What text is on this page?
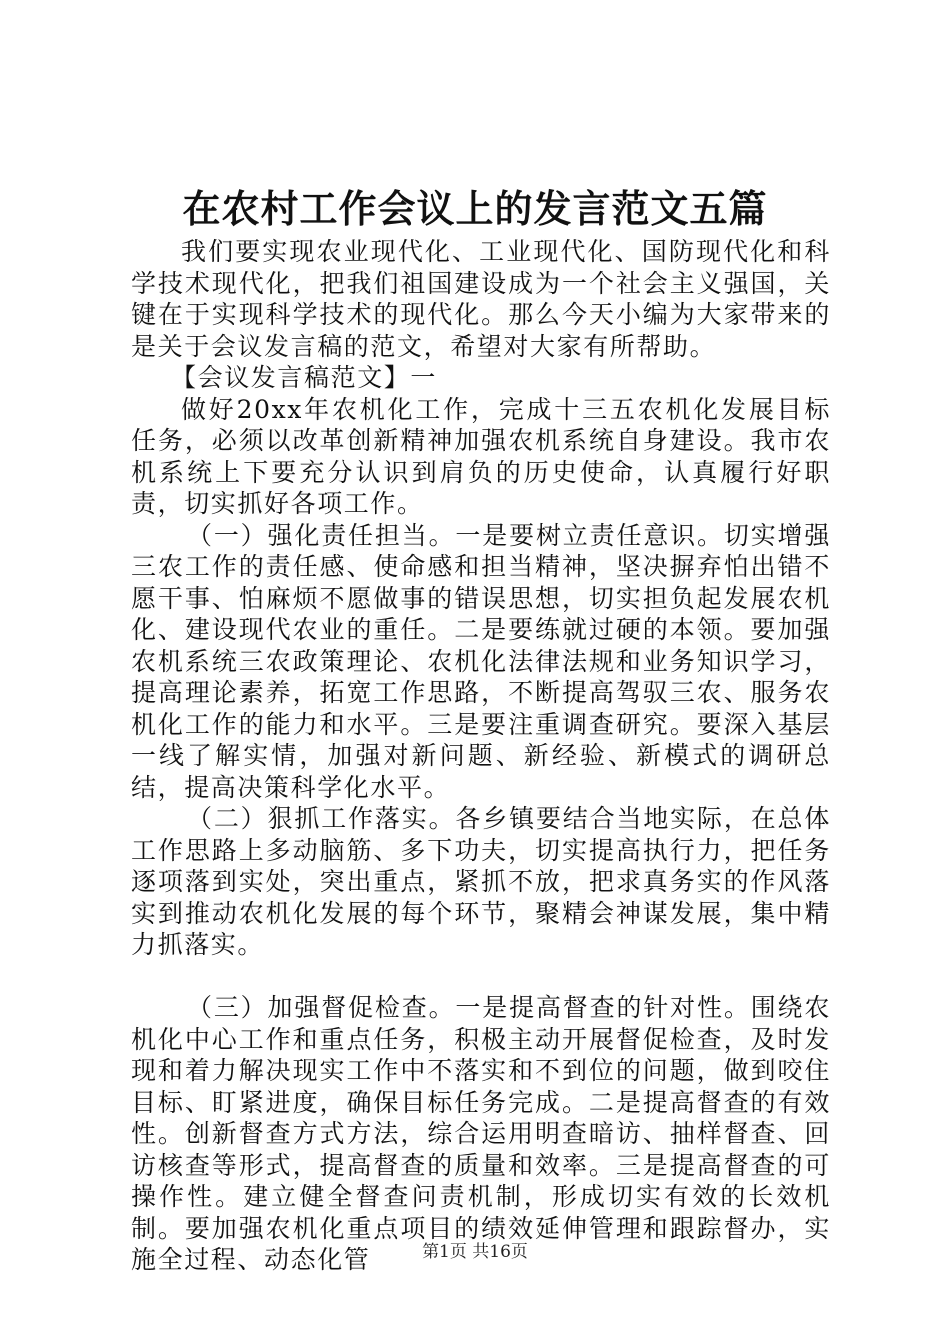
在农村工作会议上的发言范文五篇

我们要实现农业现代化、工业现代化、国防现代化和科学技术现代化，把我们祖国建设成为一个社会主义强国，关键在于实现科学技术的现代化。那么今天小编为大家带来的是关于会议发言稿的范文，希望对大家有所帮助。

【会议发言稿范文】一

做好20xx年农机化工作，完成十三五农机化发展目标任务，必须以改革创新精神加强农机系统自身建设。我市农机系统上下要充分认识到肩负的历史使命，认真履行好职责，切实抓好各项工作。

（一）强化责任担当。一是要树立责任意识。切实增强三农工作的责任感、使命感和担当精神，坚决摒弃怕出错不愿干事、怕麻烦不愿做事的错误思想，切实担负起发展农机化、建设现代农业的重任。二是要练就过硬的本领。要加强农机系统三农政策理论、农机化法律法规和业务知识学习，提高理论素养，拓宽工作思路，不断提高驾驭三农、服务农机化工作的能力和水平。三是要注重调查研究。要深入基层一线了解实情，加强对新问题、新经验、新模式的调研总结，提高决策科学化水平。

（二）狠抓工作落实。各乡镇要结合当地实际，在总体工作思路上多动脑筋、多下功夫，切实提高执行力，把任务逐项落到实处，突出重点，紧抓不放，把求真务实的作风落实到推动农机化发展的每个环节，聚精会神谋发展，集中精力抓落实。

（三）加强督促检查。一是提高督查的针对性。围绕农机化中心工作和重点任务，积极主动开展督促检查，及时发现和着力解决现实工作中不落实和不到位的问题，做到咬住目标、盯紧进度，确保目标任务完成。二是提高督查的有效性。创新督查方式方法，综合运用明查暗访、抽样督查、回访核查等形式，提高督查的质量和效率。三是提高督查的可操作性。建立健全督查问责机制，形成切实有效的长效机制。要加强农机化重点项目的绩效延伸管理和跟踪督办，实施全过程、动态化管	第1页 共16页
